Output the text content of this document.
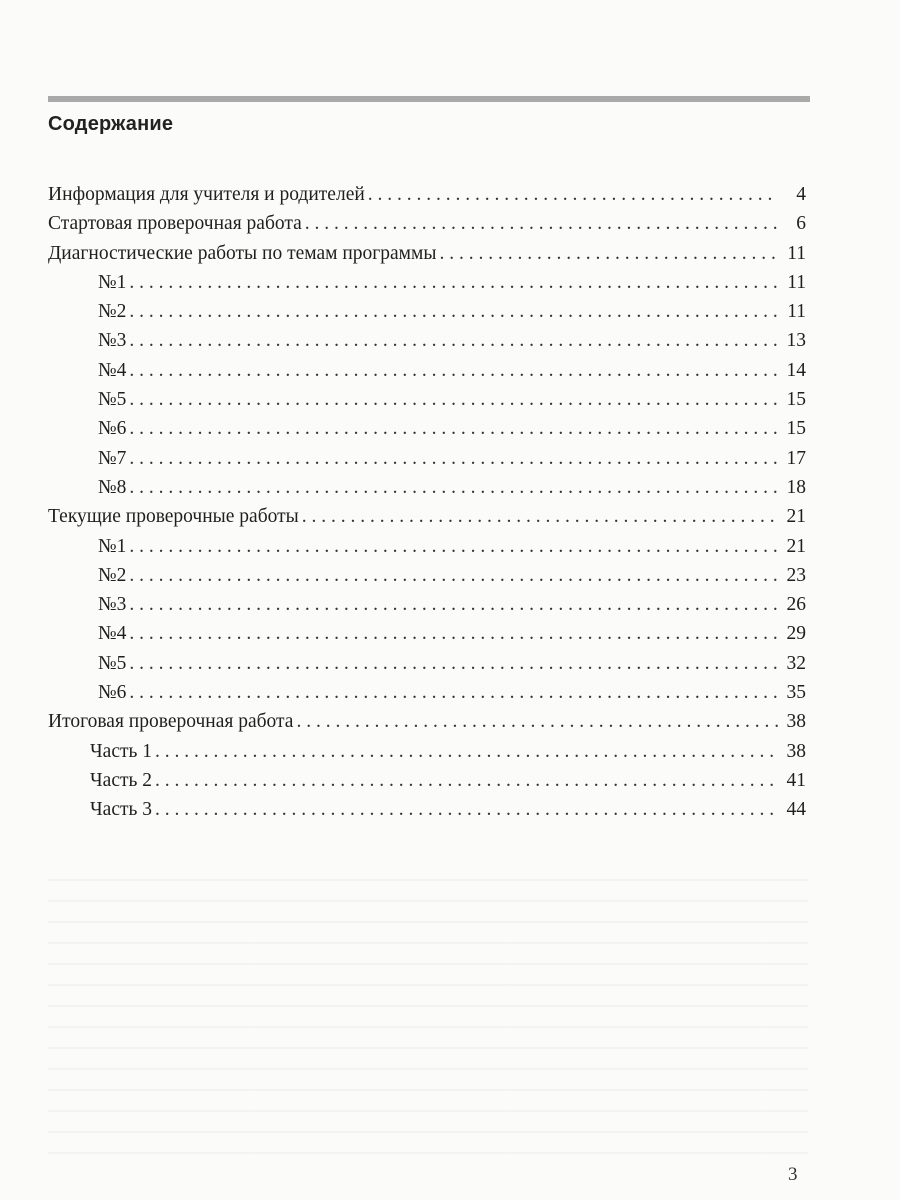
Содержание
Информация для учителя и родителей . . .	4
Стартовая проверочная работа . . .	6
Диагностические работы по темам программы . . .	11
№1 . . .	11
№2 . . .	11
№3 . . .	13
№4 . . .	14
№5 . . .	15
№6 . . .	15
№7 . . .	17
№8 . . .	18
Текущие проверочные работы . . .	21
№1 . . .	21
№2 . . .	23
№3 . . .	26
№4 . . .	29
№5 . . .	32
№6 . . .	35
Итоговая проверочная работа . . .	38
Часть 1 . . .	38
Часть 2 . . .	41
Часть 3 . . .	44
3
